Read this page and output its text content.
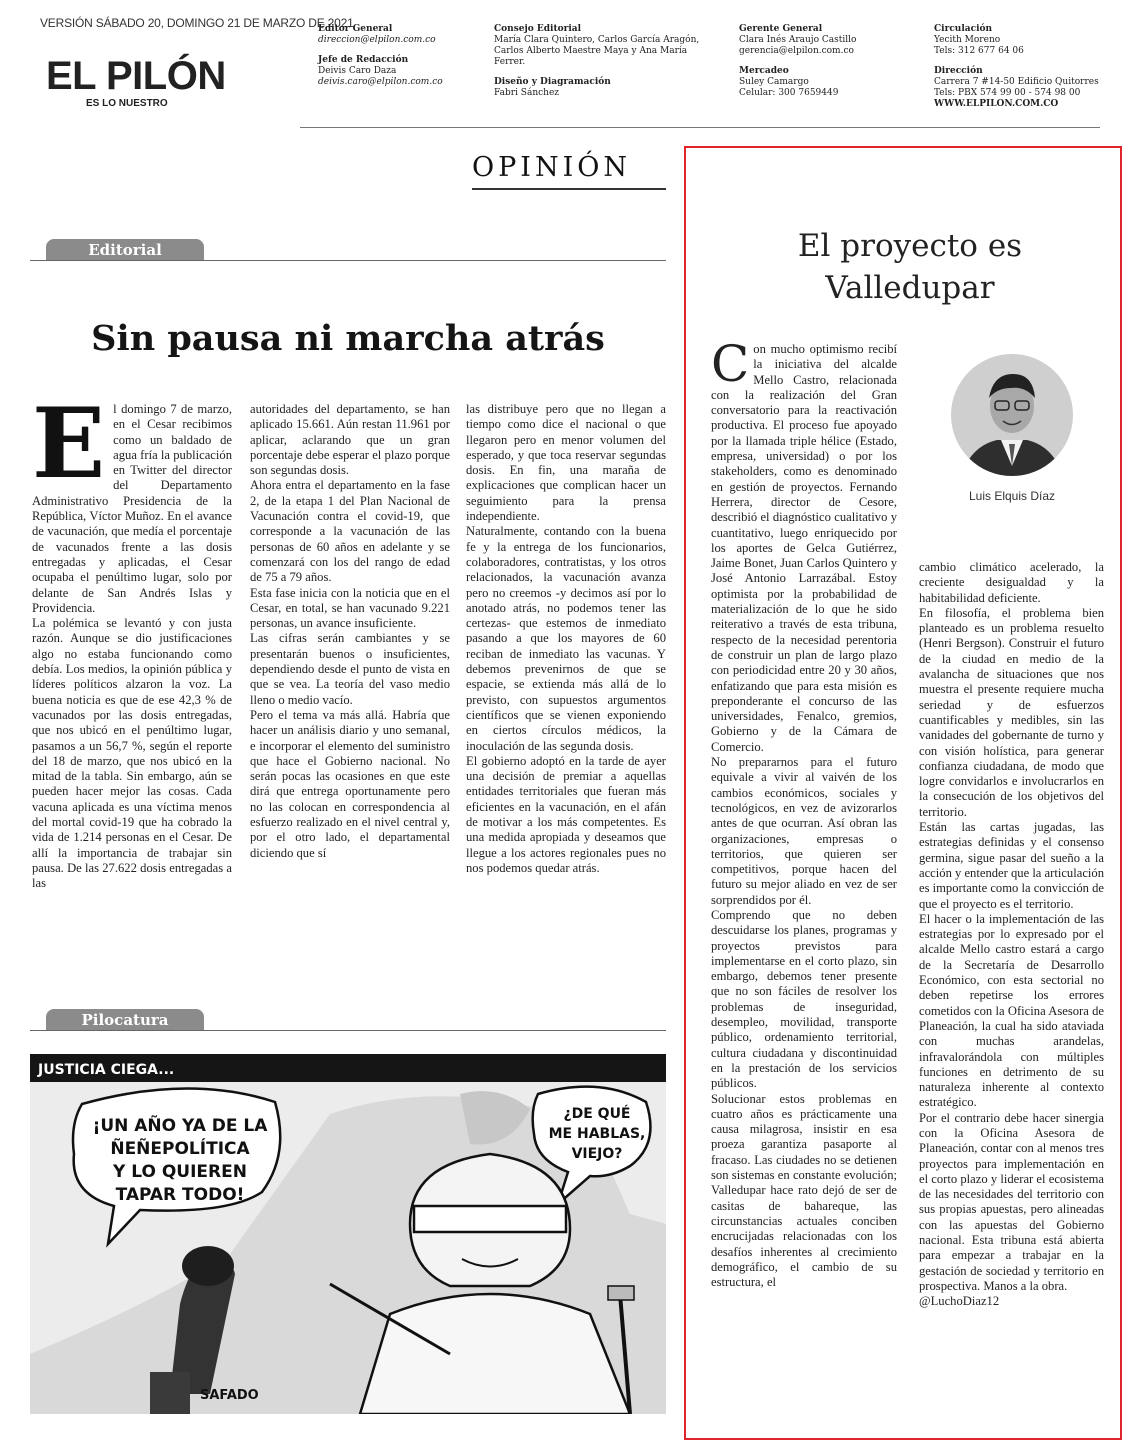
VERSIÓN SÁBADO 20, DOMINGO 21 DE MARZO DE 2021
EL PILÓN
ES LO NUESTRO
Editor General
direccion@elpilon.com.co
Jefe de Redacción
Deivis Caro Daza
deivis.caro@elpilon.com.co
Consejo Editorial
María Clara Quintero, Carlos García Aragón, Carlos Alberto Maestre Maya y Ana María Ferrer.
Diseño y Diagramación
Fabri Sánchez
Gerente General
Clara Inés Araujo Castillo
gerencia@elpilon.com.co
Mercadeo
Suley Camargo
Celular: 300 7659449
Circulación
Yecith Moreno
Tels: 312 677 64 06
Dirección
Carrera 7 #14-50 Edificio Quitorres
Tels: PBX 574 99 00 - 574 98 00
WWW.ELPILON.COM.CO
OPINIÓN
Editorial
Sin pausa ni marcha atrás
E l domingo 7 de marzo, en el Cesar recibimos como un baldado de agua fría la publicación en Twitter del director del Departamento Administrativo Presidencia de la República, Víctor Muñoz. En el avance de vacunación, que medía el porcentaje de vacunados frente a las dosis entregadas y aplicadas, el Cesar ocupaba el penúltimo lugar, solo por delante de San Andrés Islas y Providencia.

La polémica se levantó y con justa razón. Aunque se dio justificaciones algo no estaba funcionando como debía. Los medios, la opinión pública y líderes políticos alzaron la voz. La buena noticia es que de ese 42,3 % de vacunados por las dosis entregadas, que nos ubicó en el penúltimo lugar, pasamos a un 56,7 %, según el reporte del 18 de marzo, que nos ubicó en la mitad de la tabla. Sin embargo, aún se pueden hacer mejor las cosas. Cada vacuna aplicada es una víctima menos del mortal covid-19 que ha cobrado la vida de 1.214 personas en el Cesar. De allí la importancia de trabajar sin pausa. De las 27.622 dosis entregadas a las

autoridades del departamento, se han aplicado 15.661. Aún restan 11.961 por aplicar, aclarando que un gran porcentaje debe esperar el plazo porque son segundas dosis.

Ahora entra el departamento en la fase 2, de la etapa 1 del Plan Nacional de Vacunación contra el covid-19, que corresponde a la vacunación de las personas de 60 años en adelante y se comenzará con los del rango de edad de 75 a 79 años.

Esta fase inicia con la noticia que en el Cesar, en total, se han vacunado 9.221 personas, un avance insuficiente.

Las cifras serán cambiantes y se presentarán buenos o insuficientes, dependiendo desde el punto de vista en que se vea. La teoría del vaso medio lleno o medio vacío.

Pero el tema va más allá. Habría que hacer un análisis diario y uno semanal, e incorporar el elemento del suministro que hace el Gobierno nacional. No serán pocas las ocasiones en que este dirá que entrega oportunamente pero no las colocan en correspondencia al esfuerzo realizado en el nivel central y, por el otro lado, el departamental diciendo que sí

las distribuye pero que no llegan a tiempo como dice el nacional o que llegaron pero en menor volumen del esperado, y que toca reservar segundas dosis. En fin, una maraña de explicaciones que complican hacer un seguimiento para la prensa independiente.

Naturalmente, contando con la buena fe y la entrega de los funcionarios, colaboradores, contratistas, y los otros relacionados, la vacunación avanza pero no creemos -y decimos así por lo anotado atrás, no podemos tener las certezas- que estemos de inmediato pasando a que los mayores de 60 reciban de inmediato las vacunas. Y debemos prevenirnos de que se espacie, se extienda más allá de lo previsto, con supuestos argumentos científicos que se vienen exponiendo en ciertos círculos médicos, la inoculación de las segunda dosis.

El gobierno adoptó en la tarde de ayer una decisión de premiar a aquellas entidades territoriales que fueran más eficientes en la vacunación, en el afán de motivar a los más competentes. Es una medida apropiada y deseamos que llegue a los actores regionales pues no nos podemos quedar atrás.

Pilocatura
JUSTICIA CIEGA...
¡UN AÑO YA DE LA
ÑEÑEPOLÍTICA
Y LO QUIEREN
TAPAR TODO!
¿DE QUÉ
ME HABLAS,
VIEJO?
SAFADO
El proyecto es
Valledupar
Luis Elquis Díaz
C on mucho optimismo recibí la iniciativa del alcalde Mello Castro, relacionada con la realización del Gran conversatorio para la reactivación productiva. El proceso fue apoyado por la llamada triple hélice (Estado, empresa, universidad) o por los stakeholders, como es denominado en gestión de proyectos. Fernando Herrera, director de Cesore, describió el diagnóstico cualitativo y cuantitativo, luego enriquecido por los aportes de Gelca Gutiérrez, Jaime Bonet, Juan Carlos Quintero y José Antonio Larrazábal. Estoy optimista por la probabilidad de materialización de lo que he sido reiterativo a través de esta tribuna, respecto de la necesidad perentoria de construir un plan de largo plazo con periodicidad entre 20 y 30 años, enfatizando que para esta misión es preponderante el concurso de las universidades, Fenalco, gremios, Gobierno y de la Cámara de Comercio.

No prepararnos para el futuro equivale a vivir al vaivén de los cambios económicos, sociales y tecnológicos, en vez de avizorarlos antes de que ocurran. Así obran las organizaciones, empresas o territorios, que quieren ser competitivos, porque hacen del futuro su mejor aliado en vez de ser sorprendidos por él.

Comprendo que no deben descuidarse los planes, programas y proyectos previstos para implementarse en el corto plazo, sin embargo, debemos tener presente que no son fáciles de resolver los problemas de inseguridad, desempleo, movilidad, transporte público, ordenamiento territorial, cultura ciudadana y discontinuidad en la prestación de los servicios públicos.

Solucionar estos problemas en cuatro años es prácticamente una causa milagrosa, insistir en esa proeza garantiza pasaporte al fracaso. Las ciudades no se detienen son sistemas en constante evolución; Valledupar hace rato dejó de ser de casitas de bahareque, las circunstancias actuales conciben encrucijadas relacionadas con los desafíos inherentes al crecimiento demográfico, el cambio de su estructura, el

cambio climático acelerado, la creciente desigualdad y la habitabilidad deficiente.

En filosofía, el problema bien planteado es un problema resuelto (Henri Bergson). Construir el futuro de la ciudad en medio de la avalancha de situaciones que nos muestra el presente requiere mucha seriedad y de esfuerzos cuantificables y medibles, sin las vanidades del gobernante de turno y con visión holística, para generar confianza ciudadana, de modo que logre convidarlos e involucrarlos en la consecución de los objetivos del territorio.

Están las cartas jugadas, las estrategias definidas y el consenso germina, sigue pasar del sueño a la acción y entender que la articulación es importante como la convicción de que el proyecto es el territorio.

El hacer o la implementación de las estrategias por lo expresado por el alcalde Mello castro estará a cargo de la Secretaría de Desarrollo Económico, con esta sectorial no deben repetirse los errores cometidos con la Oficina Asesora de Planeación, la cual ha sido ataviada con muchas arandelas, infravalorándola con múltiples funciones en detrimento de su naturaleza inherente al contexto estratégico.

Por el contrario debe hacer sinergia con la Oficina Asesora de Planeación, contar con al menos tres proyectos para implementación en el corto plazo y liderar el ecosistema de las necesidades del territorio con sus propias apuestas, pero alineadas con las apuestas del Gobierno nacional. Esta tribuna está abierta para empezar a trabajar en la gestación de sociedad y territorio en prospectiva. Manos a la obra.

@LuchoDiaz12
